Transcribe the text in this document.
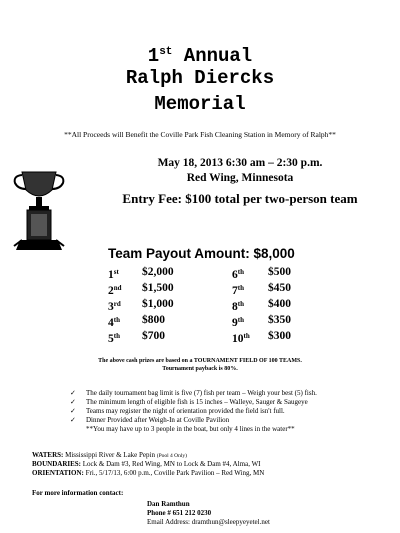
1st Annual
Ralph Diercks
Memorial
**All Proceeds will Benefit the Coville Park Fish Cleaning Station in Memory of Ralph**
May 18, 2013 6:30 am – 2:30 p.m.
Red Wing, Minnesota
Entry Fee: $100 total per two-person team
Team Payout Amount: $8,000
1st	$2,000	6th	$500
2nd	$1,500	7th	$450
3rd	$1,000	8th	$400
4th	$800	9th	$350
5th	$700	10th	$300
The above cash prizes are based on a TOURNAMENT FIELD OF 100 TEAMS.
Tournament payback is 80%.
✓ The daily tournament bag limit is five (7) fish per team – Weigh your best (5) fish.
✓ The minimum length of eligible fish is 15 inches – Walleye, Sauger & Saugeye
✓ Teams may register the night of orientation provided the field isn't full.
✓ Dinner Provided after Weigh-In at Coville Pavilion
**You may have up to 3 people in the boat, but only 4 lines in the water**
WATERS: Mississippi River & Lake Pepin (Pool 4 Only)
BOUNDARIES: Lock & Dam #3, Red Wing, MN to Lock & Dam #4, Alma, WI
ORIENTATION: Fri., 5/17/13, 6:00 p.m., Coville Park Pavilion – Red Wing, MN
For more information contact:
Dan Ramthun
Phone # 651 212 0230
Email Address: dramthun@sleepyeyetel.net
